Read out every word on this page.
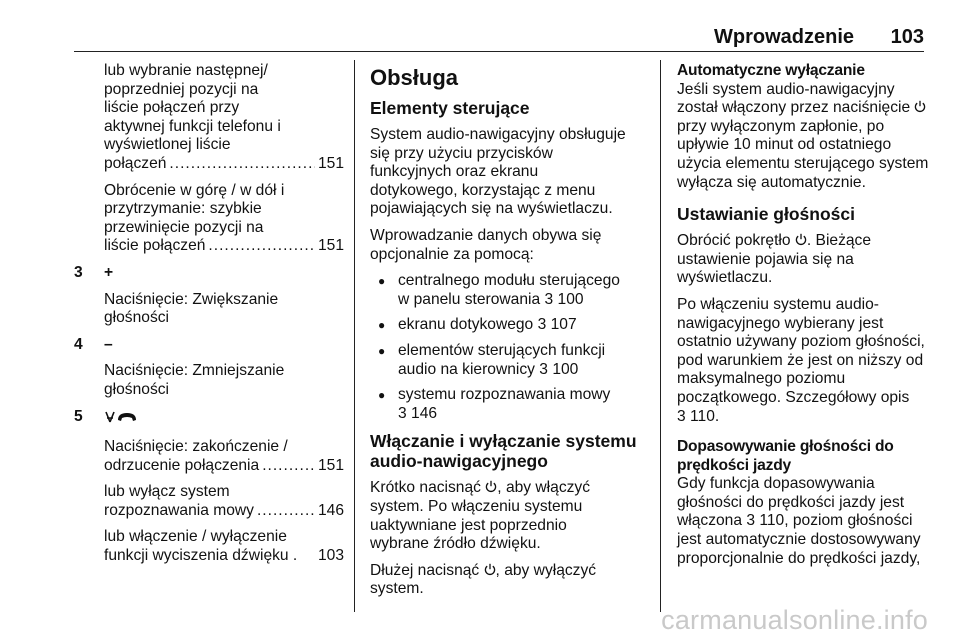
Wprowadzenie 103

lub wybranie następnej/
poprzedniej pozycji na
liście połączeń przy
aktywnej funkcji telefonu i
wyświetlonej liście
połączeń .....	151

Obrócenie w górę / w dół i
przytrzymanie: szybkie
przewinięcie pozycji na
liście połączeń .....	151

3	+

Naciśnięcie: Zwiększanie
głośności

4	–

Naciśnięcie: Zmniejszanie
głośności

5

Naciśnięcie: zakończenie /
odrzucenie połączenia .....	151

lub wyłącz system
rozpoznawania mowy .....	146

lub włączenie / wyłączenie
funkcji wyciszenia dźwięku . 103

Obsługa
Elementy sterujące

System audio-nawigacyjny obsługuje
się przy użyciu przycisków
funkcyjnych oraz ekranu
dotykowego, korzystając z menu
pojawiających się na wyświetlaczu.

Wprowadzanie danych obywa się
opcjonalnie za pomocą:

●
centralnego modułu sterującego
w panelu sterowania 3 100
●
ekranu dotykowego 3 107
●
elementów sterujących funkcji
audio na kierownicy 3 100
●
systemu rozpoznawania mowy
3 146
Włączanie i wyłączanie systemu
audio-nawigacyjnego

Krótko nacisnąć , aby włączyć
system. Po włączeniu systemu
uaktywniane jest poprzednio
wybrane źródło dźwięku.

Dłużej nacisnąć , aby wyłączyć
system.

Automatyczne wyłączanie

Jeśli system audio-nawigacyjny
został włączony przez naciśnięcie
przy wyłączonym zapłonie, po
upływie 10 minut od ostatniego
użycia elementu sterującego system
wyłącza się automatycznie.

Ustawianie głośności

Obrócić pokrętło . Bieżące
ustawienie pojawia się na
wyświetlaczu.

Po włączeniu systemu audio-
nawigacyjnego wybierany jest
ostatnio używany poziom głośności,
pod warunkiem że jest on niższy od
maksymalnego poziomu
początkowego. Szczegółowy opis
3 110.

Dopasowywanie głośności do
prędkości jazdy

Gdy funkcja dopasowywania
głośności do prędkości jazdy jest
włączona 3 110, poziom głośności
jest automatycznie dostosowywany
proporcjonalnie do prędkości jazdy,

carmanualsonline.info
